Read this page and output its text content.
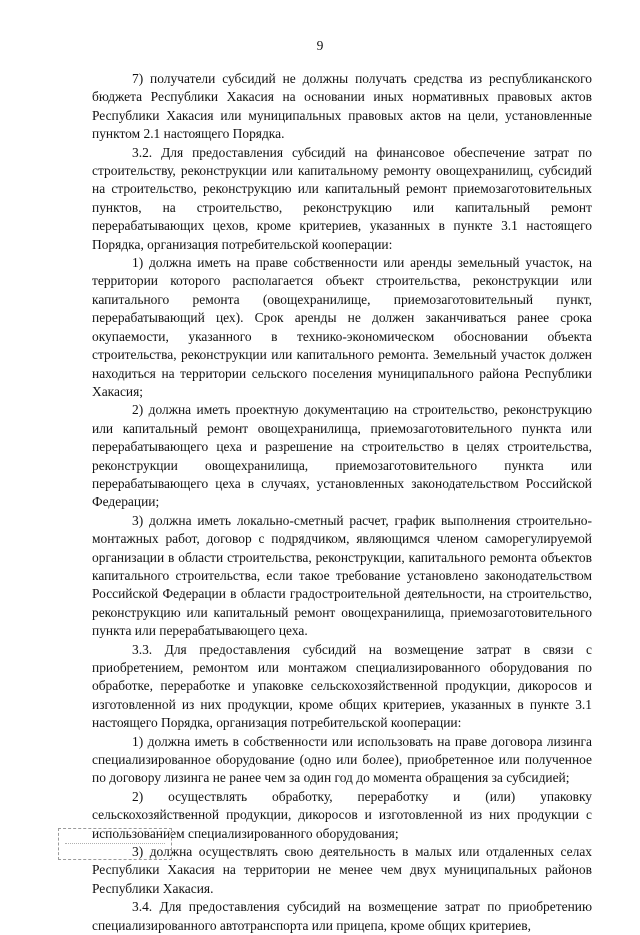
9

7) получатели субсидий не должны получать средства из республиканского бюджета Республики Хакасия на основании иных нормативных правовых актов Республики Хакасия или муниципальных правовых актов на цели, установленные пунктом 2.1 настоящего Порядка.

3.2. Для предоставления субсидий на финансовое обеспечение затрат по строительству, реконструкции или капитальному ремонту овощехранилищ, субсидий на строительство, реконструкцию или капитальный ремонт приемозаготовительных пунктов, на строительство, реконструкцию или капитальный ремонт перерабатывающих цехов, кроме критериев, указанных в пункте 3.1 настоящего Порядка, организация потребительской кооперации:

1) должна иметь на праве собственности или аренды земельный участок, на территории которого располагается объект строительства, реконструкции или капитального ремонта (овощехранилище, приемозаготовительный пункт, перерабатывающий цех). Срок аренды не должен заканчиваться ранее срока окупаемости, указанного в технико-экономическом обосновании объекта строительства, реконструкции или капитального ремонта. Земельный участок должен находиться на территории сельского поселения муниципального района Республики Хакасия;

2) должна иметь проектную документацию на строительство, реконструкцию или капитальный ремонт овощехранилища, приемозаготовительного пункта или перерабатывающего цеха и разрешение на строительство в целях строительства, реконструкции овощехранилища, приемозаготовительного пункта или перерабатывающего цеха в случаях, установленных законодательством Российской Федерации;

3) должна иметь локально-сметный расчет, график выполнения строительно-монтажных работ, договор с подрядчиком, являющимся членом саморегулируемой организации в области строительства, реконструкции, капитального ремонта объектов капитального строительства, если такое требование установлено законодательством Российской Федерации в области градостроительной деятельности, на строительство, реконструкцию или капитальный ремонт овощехранилища, приемозаготовительного пункта или перерабатывающего цеха.

3.3. Для предоставления субсидий на возмещение затрат в связи с приобретением, ремонтом или монтажом специализированного оборудования по обработке, переработке и упаковке сельскохозяйственной продукции, дикоросов и изготовленной из них продукции, кроме общих критериев, указанных в пункте 3.1 настоящего Порядка, организация потребительской кооперации:

1) должна иметь в собственности или использовать на праве договора лизинга специализированное оборудование (одно или более), приобретенное или полученное по договору лизинга не ранее чем за один год до момента обращения за субсидией;

2) осуществлять обработку, переработку и (или) упаковку сельскохозяйственной продукции, дикоросов и изготовленной из них продукции с использованием специализированного оборудования;

3) должна осуществлять свою деятельность в малых или отдаленных селах Республики Хакасия на территории не менее чем двух муниципальных районов Республики Хакасия.

3.4. Для предоставления субсидий на возмещение затрат по приобретению специализированного автотранспорта или прицепа, кроме общих критериев,
